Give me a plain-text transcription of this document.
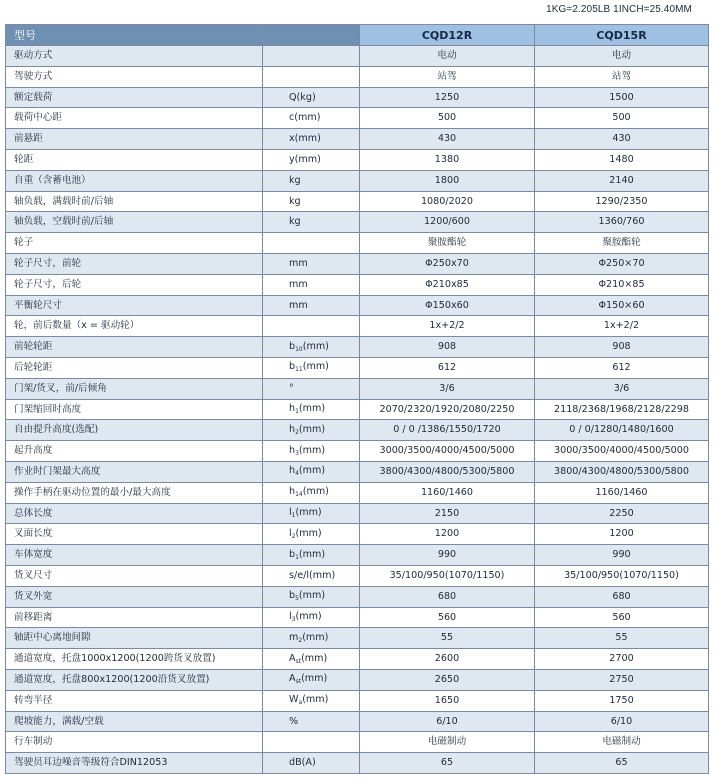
1KG=2.205LB 1INCH=25.40MM
型号		CQD12R	CQD15R
驱动方式		电动	电动
驾驶方式		站驾	站驾
额定载荷	Q(kg)	1250	1500
载荷中心距	c(mm)	500	500
前悬距	x(mm)	430	430
轮距	y(mm)	1380	1480
自重（含蓄电池）	kg	1800	2140
轴负载，满载时前/后轴	kg	1080/2020	1290/2350
轴负载，空载时前/后轴	kg	1200/600	1360/760
轮子		聚胺酯轮	聚胺酯轮
轮子尺寸，前轮	mm	Φ250x70	Φ250×70
轮子尺寸，后轮	mm	Φ210x85	Φ210×85
平衡轮尺寸	mm	Φ150x60	Φ150×60
轮，前后数量（x = 驱动轮）		1x+2/2	1x+2/2
前轮轮距	$b_{10}(mm)$	908	908
后轮轮距	$b_{11}(mm)$	612	612
门架/货叉，前/后倾角	°	3/6	3/6
门架缩回时高度	$h_1(mm)$	2070/2320/1920/2080/2250	2118/2368/1968/2128/2298
自由提升高度(选配)	$h_2(mm)$	0 / 0 /1386/1550/1720	0 / 0/1280/1480/1600
起升高度	$h_3(mm)$	3000/3500/4000/4500/5000	3000/3500/4000/4500/5000
作业时门架最大高度	$h_4(mm)$	3800/4300/4800/5300/5800	3800/4300/4800/5300/5800
操作手柄在驱动位置的最小/最大高度	$h_{14}(mm)$	1160/1460	1160/1460
总体长度	$l_1(mm)$	2150	2250
叉面长度	$l_2(mm)$	1200	1200
车体宽度	$b_1(mm)$	990	990
货叉尺寸	s/e/l(mm)	35/100/950(1070/1150)	35/100/950(1070/1150)
货叉外宽	$b_5(mm)$	680	680
前移距离	$l_3(mm)$	560	560
轴距中心离地间隙	$m_2(mm)$	55	55
通道宽度，托盘1000x1200(1200跨货叉放置)	$A_{st}(mm)$	2600	2700
通道宽度，托盘800x1200(1200沿货叉放置)	$A_{st}(mm)$	2650	2750
转弯半径	$W_a(mm)$	1650	1750
爬坡能力，满载/空载	%	6/10	6/10
行车制动		电磁制动	电磁制动
驾驶员耳边噪音等级符合DIN12053	dB(A)	65	65
